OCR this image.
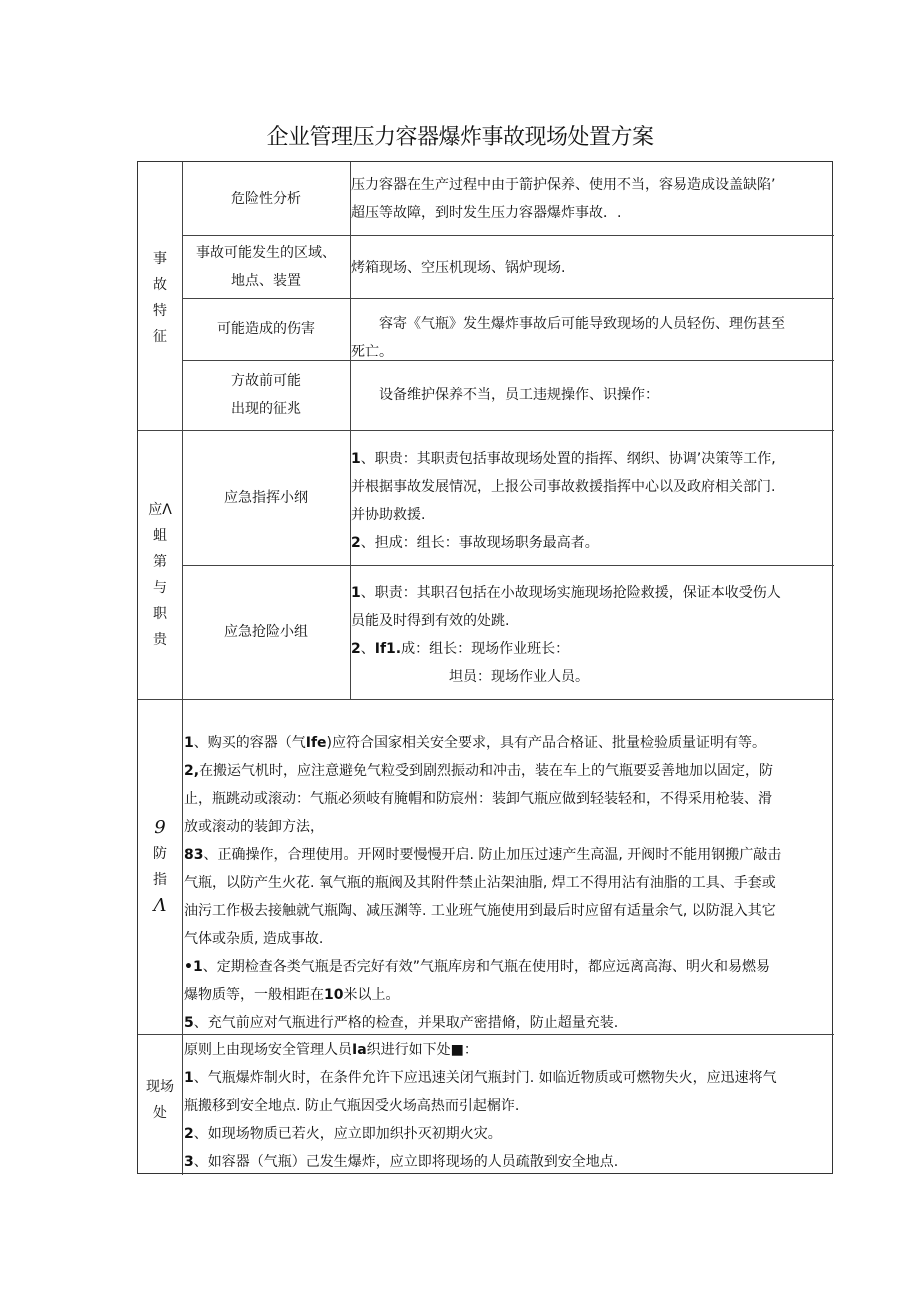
企业管理压力容器爆炸事故现场处置方案
事
故
特
征
危险性分析

压力容器在生产过程中由于箭护保养、使用不当，容易造成设盖缺陷’

超压等故障，到时发生压力容器爆炸事故．.

事故可能发生的区域、
地点、装置

烤箱现场、空压机现场、锅炉现场.

可能造成的伤害	　　容寄《气瓶》发生爆炸事故后可能导致现场的人员轻伤、理伤甚至

死亡。

方故前可能
出现的征兆

　　设备维护保养不当，员工违规操作、识操作：

应Λ
蛆
第
与
职
贵
应急指挥小纲

1、职贵：其职责包括事故现场处置的指挥、纲织、协调’决策等工作,

并根据事故发展情况，上报公司事故救援指挥中心以及政府相关部门.

并协助救援.

2、担成：组长：事故现场职务最高者。

应急抢险小组

1、职责：其职召包括在小故现场实施现场抢险救援，保证本收受伤人

员能及时得到有效的处跳.

2、If1.成：组长：现场作业班长：

　　　　　　　坦员：现场作业人员。

9
防
指
Λ

1、购买的容器（气Ife)应符合国家相关安全要求，具有产品合格证、批量检验质量证明有等。

2,在搬运气机时，应注意避免气粒受到剧烈振动和冲击，装在车上的气瓶要妥善地加以固定，防

止，瓶跳动或滚动：气瓶必须岐有腌帽和防宸州：装卸气瓶应做到轻装轻和，不得采用枪装、滑

放或滚动的装卸方法，

83、正确操作，合理使用。开网时要慢慢开启. 防止加压过速产生高温, 开阀时不能用钢搬广敲击

气瓶，以防产生火花. 氧气瓶的瓶阀及其附件禁止沾架油脂, 焊工不得用沾有油脂的工具、手套或

油污工作极去接触就气瓶陶、减压渊等. 工业班气施使用到最后时应留有适量余气, 以防混入其它

气体或杂质, 造成事故.

•1、定期检查各类气瓶是否完好有效”气瓶库房和气瓶在使用时，都应远离高海、明火和易燃易

爆物质等，一般相距在10米以上。

5、充气前应对气瓶进行严格的检查，并果取产密措脩，防止超量充装.

现场
处

原则上由现场安全管理人员Ia织进行如下处■：

1、气瓶爆炸制火时，在条件允许下应迅速关闭气瓶封门. 如临近物质或可燃物失火，应迅速将气

瓶搬移到安全地点. 防止气瓶因受火场高热而引起榍诈.

2、如现场物质已若火，应立即加织扑灭初期火灾。

3、如容器（气瓶）己发生爆炸，应立即将现场的人员疏散到安全地点.
